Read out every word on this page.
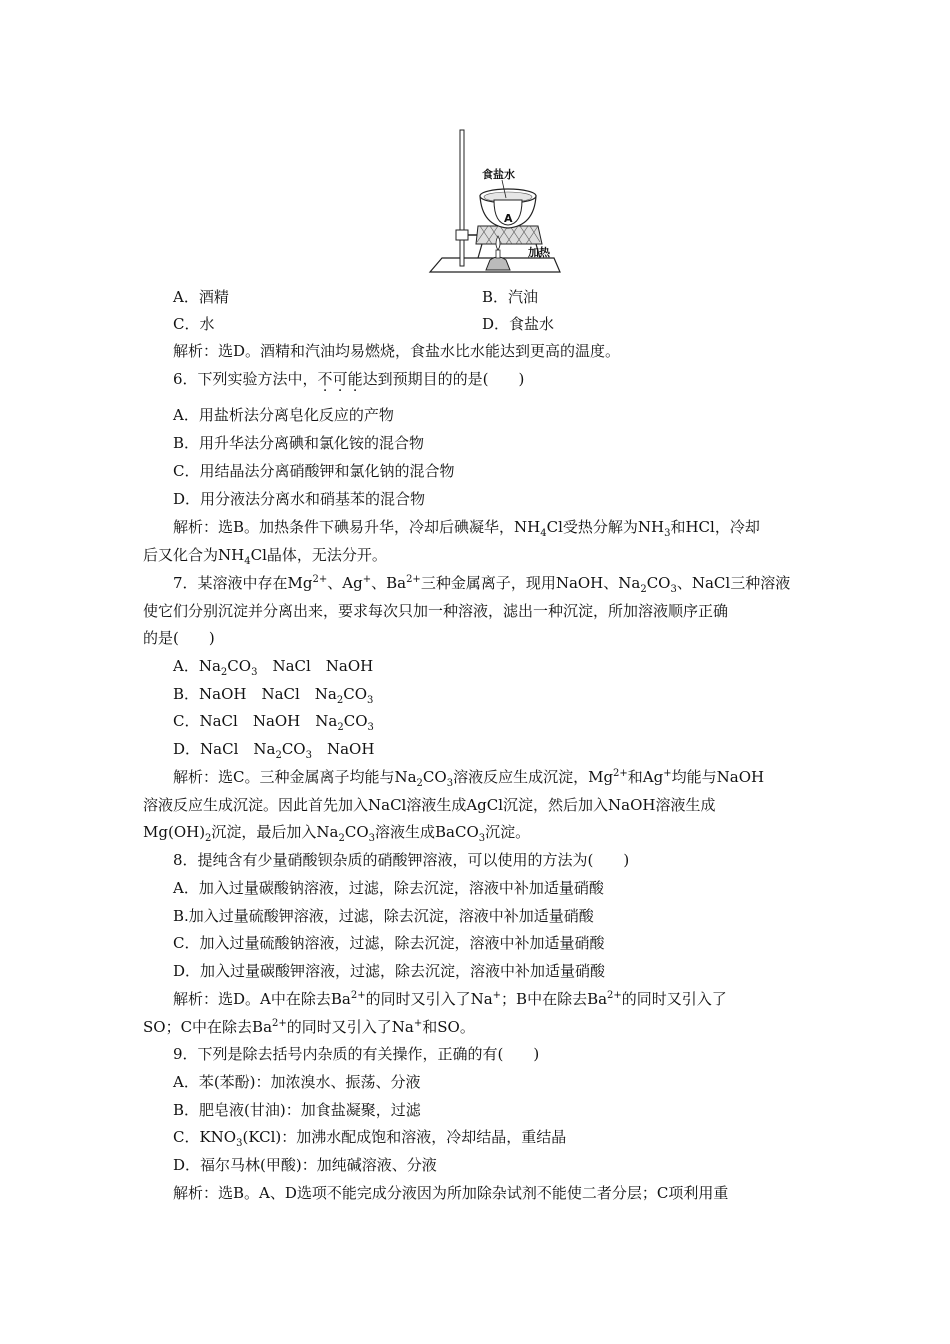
A
食盐水
加热
A．酒精	B．汽油
C．水	D．食盐水
解析：选D。酒精和汽油均易燃烧，食盐水比水能达到更高的温度。
6．下列实验方法中，不可能达到预期目的的是(　　)
A．用盐析法分离皂化反应的产物
B．用升华法分离碘和氯化铵的混合物
C．用结晶法分离硝酸钾和氯化钠的混合物
D．用分液法分离水和硝基苯的混合物
解析：选B。加热条件下碘易升华，冷却后碘凝华，$NH_4Cl$受热分解为$NH_3$和HCl，冷却
后又化合为$NH_4Cl$晶体，无法分开。
7．某溶液中存在$Mg^{2+}$、Ag+、$Ba^{2+}$三种金属离子，现用NaOH、$Na_2CO_3$、NaCl三种溶液
使它们分别沉淀并分离出来，要求每次只加一种溶液，滤出一种沉淀，所加溶液顺序正确
的是(　　)
A．$Na_2CO_3$　NaCl　NaOH
B．NaOH　NaCl　$Na_2CO_3$
C．NaCl　NaOH　$Na_2CO_3$
D．NaCl　$Na_2CO_3$　NaOH
解析：选C。三种金属离子均能与$Na_2CO_3$溶液反应生成沉淀，$Mg^{2+}$和Ag+均能与NaOH
溶液反应生成沉淀。因此首先加入NaCl溶液生成AgCl沉淀，然后加入NaOH溶液生成
$Mg(OH)_2$沉淀，最后加入$Na_2CO_3$溶液生成BaCO$_3$沉淀。
8．提纯含有少量硝酸钡杂质的硝酸钾溶液，可以使用的方法为(　　)
A．加入过量碳酸钠溶液，过滤，除去沉淀，溶液中补加适量硝酸
B.加入过量硫酸钾溶液，过滤，除去沉淀，溶液中补加适量硝酸
C．加入过量硫酸钠溶液，过滤，除去沉淀，溶液中补加适量硝酸
D．加入过量碳酸钾溶液，过滤，除去沉淀，溶液中补加适量硝酸
解析：选D。A中在除去$Ba^{2+}$的同时又引入了Na+；B中在除去$Ba^{2+}$的同时又引入了
SO；C中在除去$Ba^{2+}$的同时又引入了Na+和SO。
9．下列是除去括号内杂质的有关操作，正确的有(　　)
A．苯(苯酚)：加浓溴水、振荡、分液
B．肥皂液(甘油)：加食盐凝聚，过滤
C．$KNO_3(KCl)$：加沸水配成饱和溶液，冷却结晶，重结晶
D．福尔马林(甲酸)：加纯碱溶液、分液
解析：选B。A、D选项不能完成分液因为所加除杂试剂不能使二者分层；C项利用重
